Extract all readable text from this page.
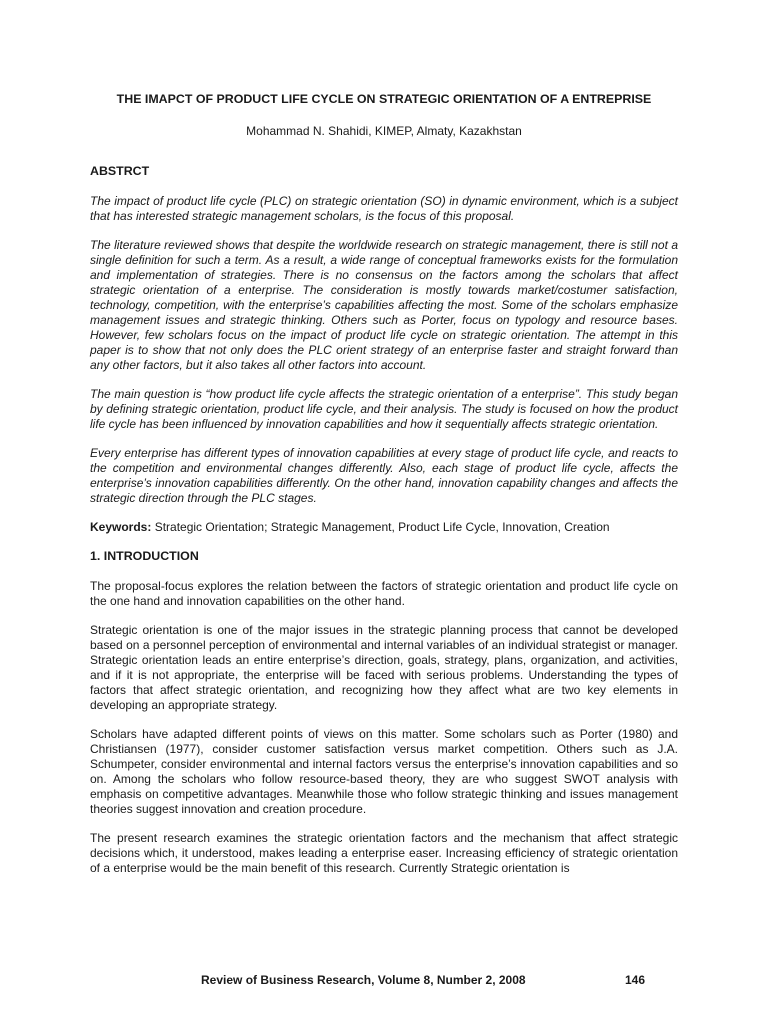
THE IMAPCT OF PRODUCT LIFE CYCLE ON STRATEGIC ORIENTATION OF A ENTREPRISE
Mohammad N. Shahidi, KIMEP, Almaty, Kazakhstan
ABSTRCT

The impact of product life cycle (PLC) on strategic orientation (SO) in dynamic environment, which is a subject that has interested strategic management scholars, is the focus of this proposal.

The literature reviewed shows that despite the worldwide research on strategic management, there is still not a single definition for such a term. As a result, a wide range of conceptual frameworks exists for the formulation and implementation of strategies. There is no consensus on the factors among the scholars that affect strategic orientation of a enterprise. The consideration is mostly towards market/costumer satisfaction, technology, competition, with the enterprise’s capabilities affecting the most. Some of the scholars emphasize management issues and strategic thinking. Others such as Porter, focus on typology and resource bases. However, few scholars focus on the impact of product life cycle on strategic orientation. The attempt in this paper is to show that not only does the PLC orient strategy of an enterprise faster and straight forward than any other factors, but it also takes all other factors into account.

The main question is “how product life cycle affects the strategic orientation of a enterprise”. This study began by defining strategic orientation, product life cycle, and their analysis. The study is focused on how the product life cycle has been influenced by innovation capabilities and how it sequentially affects strategic orientation.

Every enterprise has different types of innovation capabilities at every stage of product life cycle, and reacts to the competition and environmental changes differently. Also, each stage of product life cycle, affects the enterprise’s innovation capabilities differently. On the other hand, innovation capability changes and affects the strategic direction through the PLC stages.

Keywords: Strategic Orientation; Strategic Management, Product Life Cycle, Innovation, Creation

1. INTRODUCTION

The proposal-focus explores the relation between the factors of strategic orientation and product life cycle on the one hand and innovation capabilities on the other hand.

Strategic orientation is one of the major issues in the strategic planning process that cannot be developed based on a personnel perception of environmental and internal variables of an individual strategist or manager. Strategic orientation leads an entire enterprise’s direction, goals, strategy, plans, organization, and activities, and if it is not appropriate, the enterprise will be faced with serious problems. Understanding the types of factors that affect strategic orientation, and recognizing how they affect what are two key elements in developing an appropriate strategy.

Scholars have adapted different points of views on this matter. Some scholars such as Porter (1980) and Christiansen (1977), consider customer satisfaction versus market competition. Others such as J.A. Schumpeter, consider environmental and internal factors versus the enterprise’s innovation capabilities and so on. Among the scholars who follow resource-based theory, they are who suggest SWOT analysis with emphasis on competitive advantages. Meanwhile those who follow strategic thinking and issues management theories suggest innovation and creation procedure.

The present research examines the strategic orientation factors and the mechanism that affect strategic decisions which, it understood, makes leading a enterprise easer. Increasing efficiency of strategic orientation of a enterprise would be the main benefit of this research. Currently Strategic orientation is

Review of Business Research, Volume 8, Number 2, 2008	146
